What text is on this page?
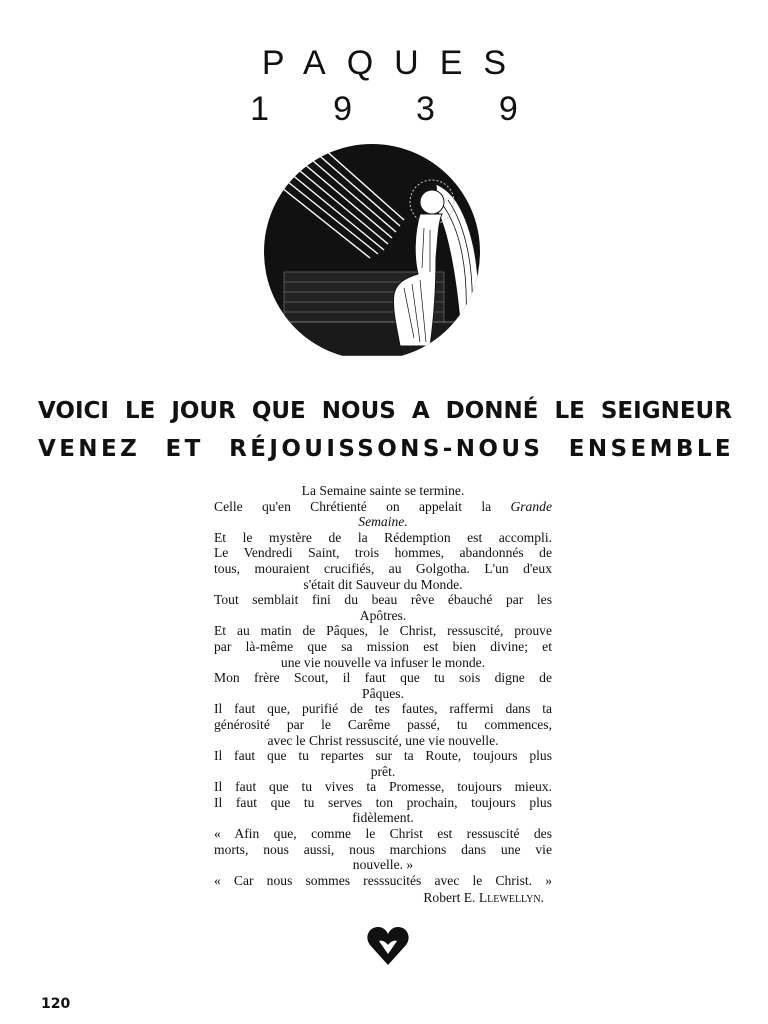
PAQUES
1939
VOICI LE JOUR QUE NOUS A DONNÉ LE SEIGNEUR
VENEZ ET RÉJOUISSONS-NOUS ENSEMBLE
La Semaine sainte se termine.
Celle qu'en Chrétienté on appelait la Grande
Semaine.
Et le mystère de la Rédemption est accompli.
Le Vendredi Saint, trois hommes, abandonnés de
tous, mouraient crucifiés, au Golgotha. L'un d'eux
s'était dit Sauveur du Monde.
Tout semblait fini du beau rêve ébauché par les
Apôtres.
Et au matin de Pâques, le Christ, ressuscité, prouve
par là-même que sa mission est bien divine; et
une vie nouvelle va infuser le monde.
Mon frère Scout, il faut que tu sois digne de
Pâques.
Il faut que, purifié de tes fautes, raffermi dans ta
générosité par le Carême passé, tu commences,
avec le Christ ressuscité, une vie nouvelle.
Il faut que tu repartes sur ta Route, toujours plus
prêt.
Il faut que tu vives ta Promesse, toujours mieux.
Il faut que tu serves ton prochain, toujours plus
fidèlement.
« Afin que, comme le Christ est ressuscité des
morts, nous aussi, nous marchions dans une vie
nouvelle. »
« Car nous sommes resssucités avec le Christ. »
Robert E. Llewellyn.
120
